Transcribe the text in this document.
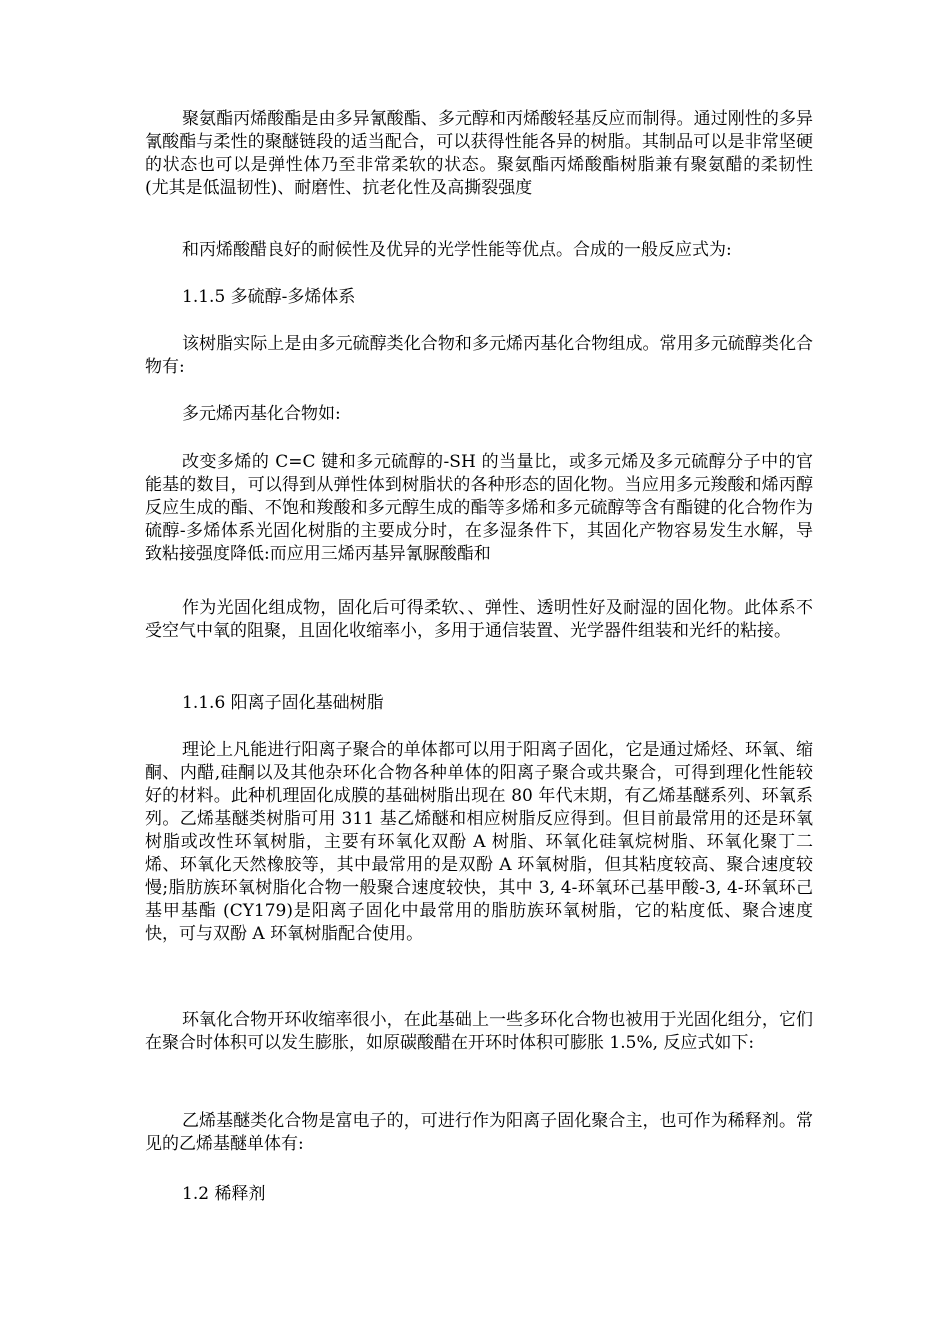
聚氨酯丙烯酸酯是由多异氰酸酯、多元醇和丙烯酸轻基反应而制得。通过刚性的多异氰酸酯与柔性的聚醚链段的适当配合，可以获得性能各异的树脂。其制品可以是非常坚硬的状态也可以是弹性体乃至非常柔软的状态。聚氨酯丙烯酸酯树脂兼有聚氨醋的柔韧性 (尤其是低温韧性)、耐磨性、抗老化性及高撕裂强度

和丙烯酸醋良好的耐候性及优异的光学性能等优点。合成的一般反应式为:

1.1.5 多硫醇-多烯体系

该树脂实际上是由多元硫醇类化合物和多元烯丙基化合物组成。常用多元硫醇类化合物有:

多元烯丙基化合物如:

改变多烯的 C=C 键和多元硫醇的-SH 的当量比，或多元烯及多元硫醇分子中的官能基的数目，可以得到从弹性体到树脂状的各种形态的固化物。当应用多元羧酸和烯丙醇反应生成的酯、不饱和羧酸和多元醇生成的酯等多烯和多元硫醇等含有酯键的化合物作为硫醇-多烯体系光固化树脂的主要成分时，在多湿条件下，其固化产物容易发生水解，导致粘接强度降低:而应用三烯丙基异氰脲酸酯和

作为光固化组成物，固化后可得柔软、、弹性、透明性好及耐湿的固化物。此体系不受空气中氧的阻聚，且固化收缩率小，多用于通信装置、光学器件组装和光纤的粘接。

1.1.6 阳离子固化基础树脂

理论上凡能进行阳离子聚合的单体都可以用于阳离子固化，它是通过烯烃、环氧、缩酮、内醋,硅酮以及其他杂环化合物各种单体的阳离子聚合或共聚合，可得到理化性能较好的材料。此种机理固化成膜的基础树脂出现在 80 年代末期，有乙烯基醚系列、环氧系列。乙烯基醚类树脂可用 311 基乙烯醚和相应树脂反应得到。但目前最常用的还是环氧树脂或改性环氧树脂，主要有环氧化双酚 A 树脂、环氧化硅氧烷树脂、环氧化聚丁二烯、环氧化天然橡胶等，其中最常用的是双酚 A 环氧树脂，但其粘度较高、聚合速度较慢;脂肪族环氧树脂化合物一般聚合速度较快，其中 3, 4-环氧环己基甲酸-3, 4-环氧环己基甲基酯 (CY179)是阳离子固化中最常用的脂肪族环氧树脂，它的粘度低、聚合速度快，可与双酚 A 环氧树脂配合使用。

环氧化合物开环收缩率很小，在此基础上一些多环化合物也被用于光固化组分，它们在聚合时体积可以发生膨胀，如原碳酸醋在开环时体积可膨胀 1.5%, 反应式如下:

乙烯基醚类化合物是富电子的，可进行作为阳离子固化聚合主，也可作为稀释剂。常见的乙烯基醚单体有:

1.2 稀释剂
